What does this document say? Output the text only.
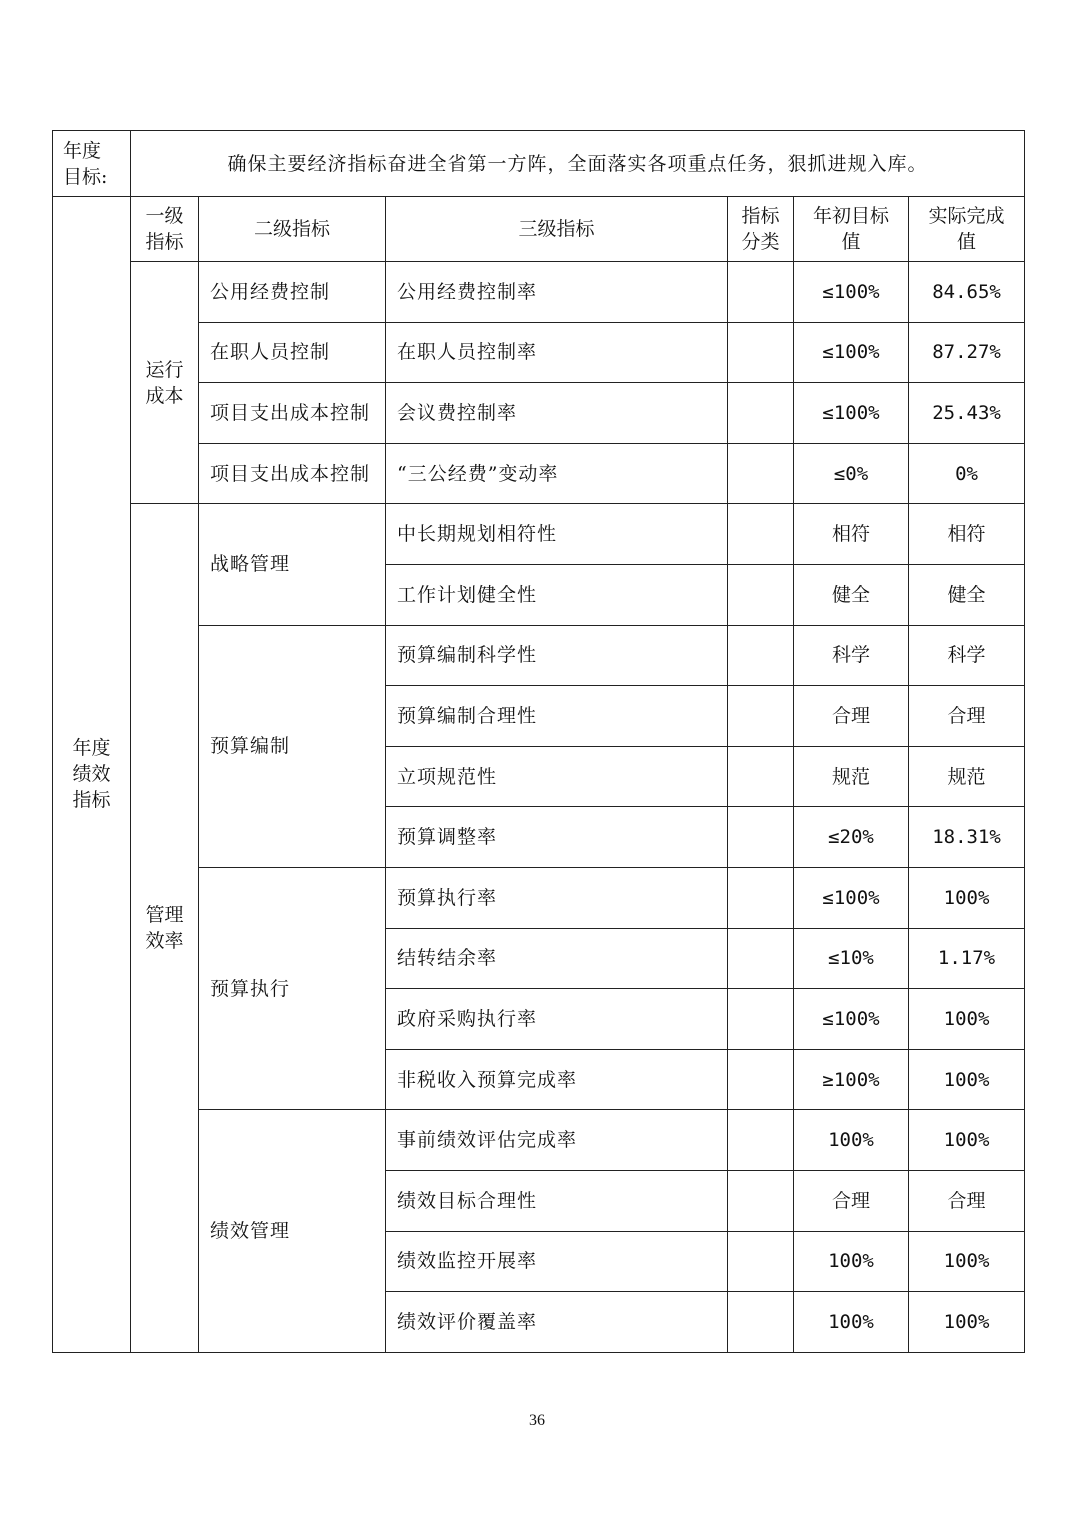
年度目标:	确保主要经济指标奋进全省第一方阵，全面落实各项重点任务，狠抓进规入库。					
年度绩效指标	一级指标	二级指标	三级指标	指标分类	年初目标值	实际完成值
	运行成本	公用经费控制	公用经费控制率		≤100%	84.65%
		在职人员控制	在职人员控制率		≤100%	87.27%
		项目支出成本控制	会议费控制率		≤100%	25.43%
		项目支出成本控制	“三公经费”变动率		≤0%	0%
	管理效率	战略管理	中长期规划相符性		相符	相符
			工作计划健全性		健全	健全
		预算编制	预算编制科学性		科学	科学
			预算编制合理性		合理	合理
			立项规范性		规范	规范
			预算调整率		≤20%	18.31%
		预算执行	预算执行率		≤100%	100%
			结转结余率		≤10%	1.17%
			政府采购执行率		≤100%	100%
			非税收入预算完成率		≥100%	100%
		绩效管理	事前绩效评估完成率		100%	100%
			绩效目标合理性		合理	合理
			绩效监控开展率		100%	100%
			绩效评价覆盖率		100%	100%
36
